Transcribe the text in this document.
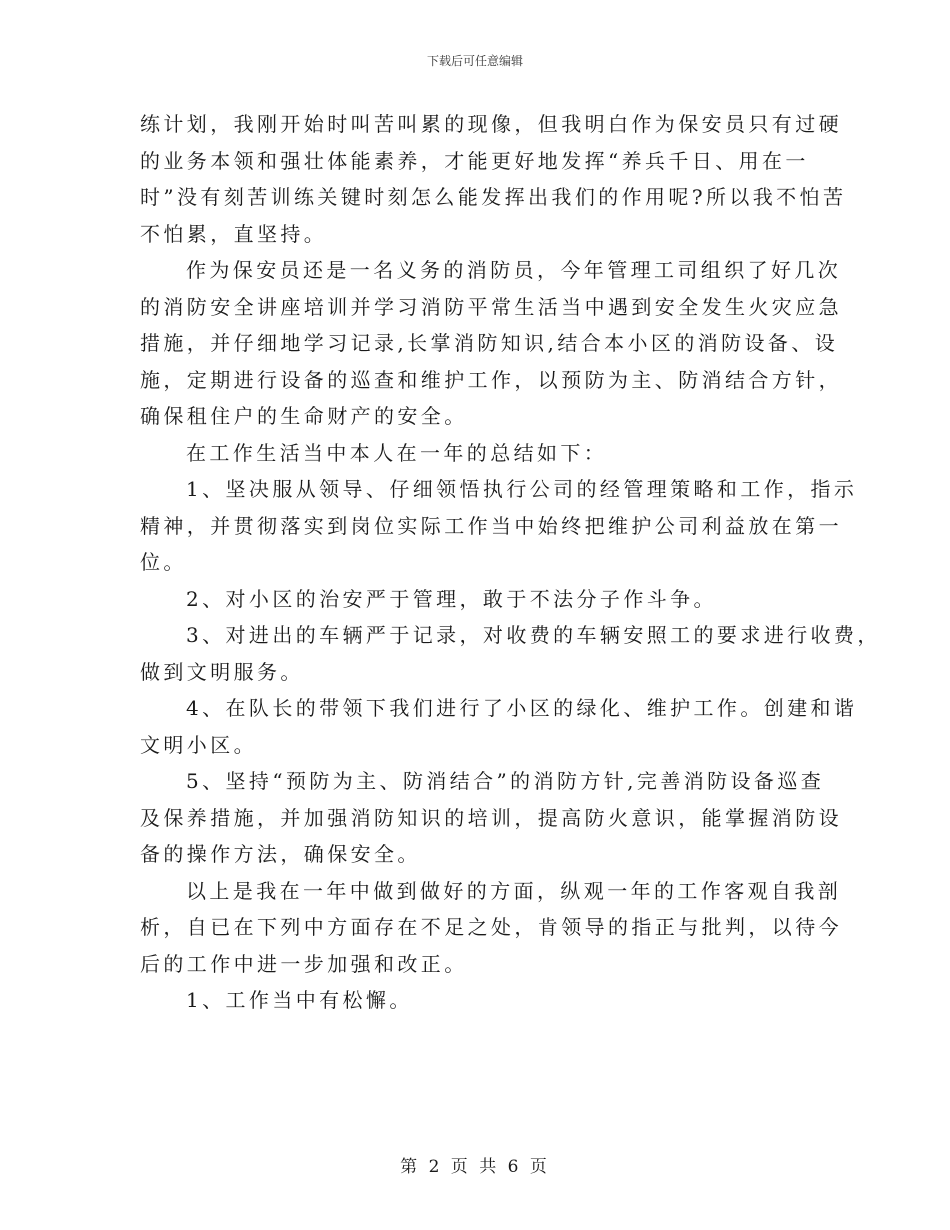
下载后可任意编辑

练计划，我刚开始时叫苦叫累的现像，但我明白作为保安员只有过硬
的业务本领和强壮体能素养，才能更好地发挥“养兵千日、用在一
时”没有刻苦训练关键时刻怎么能发挥出我们的作用呢?所以我不怕苦
不怕累，直坚持。

作为保安员还是一名义务的消防员，今年管理工司组织了好几次
的消防安全讲座培训并学习消防平常生活当中遇到安全发生火灾应急
措施，并仔细地学习记录,长掌消防知识,结合本小区的消防设备、设
施，定期进行设备的巡查和维护工作，以预防为主、防消结合方针，
确保租住户的生命财产的安全。

在工作生活当中本人在一年的总结如下：

1、坚决服从领导、仔细领悟执行公司的经管理策略和工作，指示
精神，并贯彻落实到岗位实际工作当中始终把维护公司利益放在第一
位。

2、对小区的治安严于管理，敢于不法分子作斗争。

3、对进出的车辆严于记录，对收费的车辆安照工的要求进行收费，
做到文明服务。

4、在队长的带领下我们进行了小区的绿化、维护工作。创建和谐
文明小区。

5、坚持“预防为主、防消结合”的消防方针,完善消防设备巡查
及保养措施，并加强消防知识的培训，提高防火意识，能掌握消防设
备的操作方法，确保安全。

以上是我在一年中做到做好的方面，纵观一年的工作客观自我剖
析，自已在下列中方面存在不足之处，肯领导的指正与批判，以待今
后的工作中进一步加强和改正。

1、工作当中有松懈。

第 2 页 共 6 页
